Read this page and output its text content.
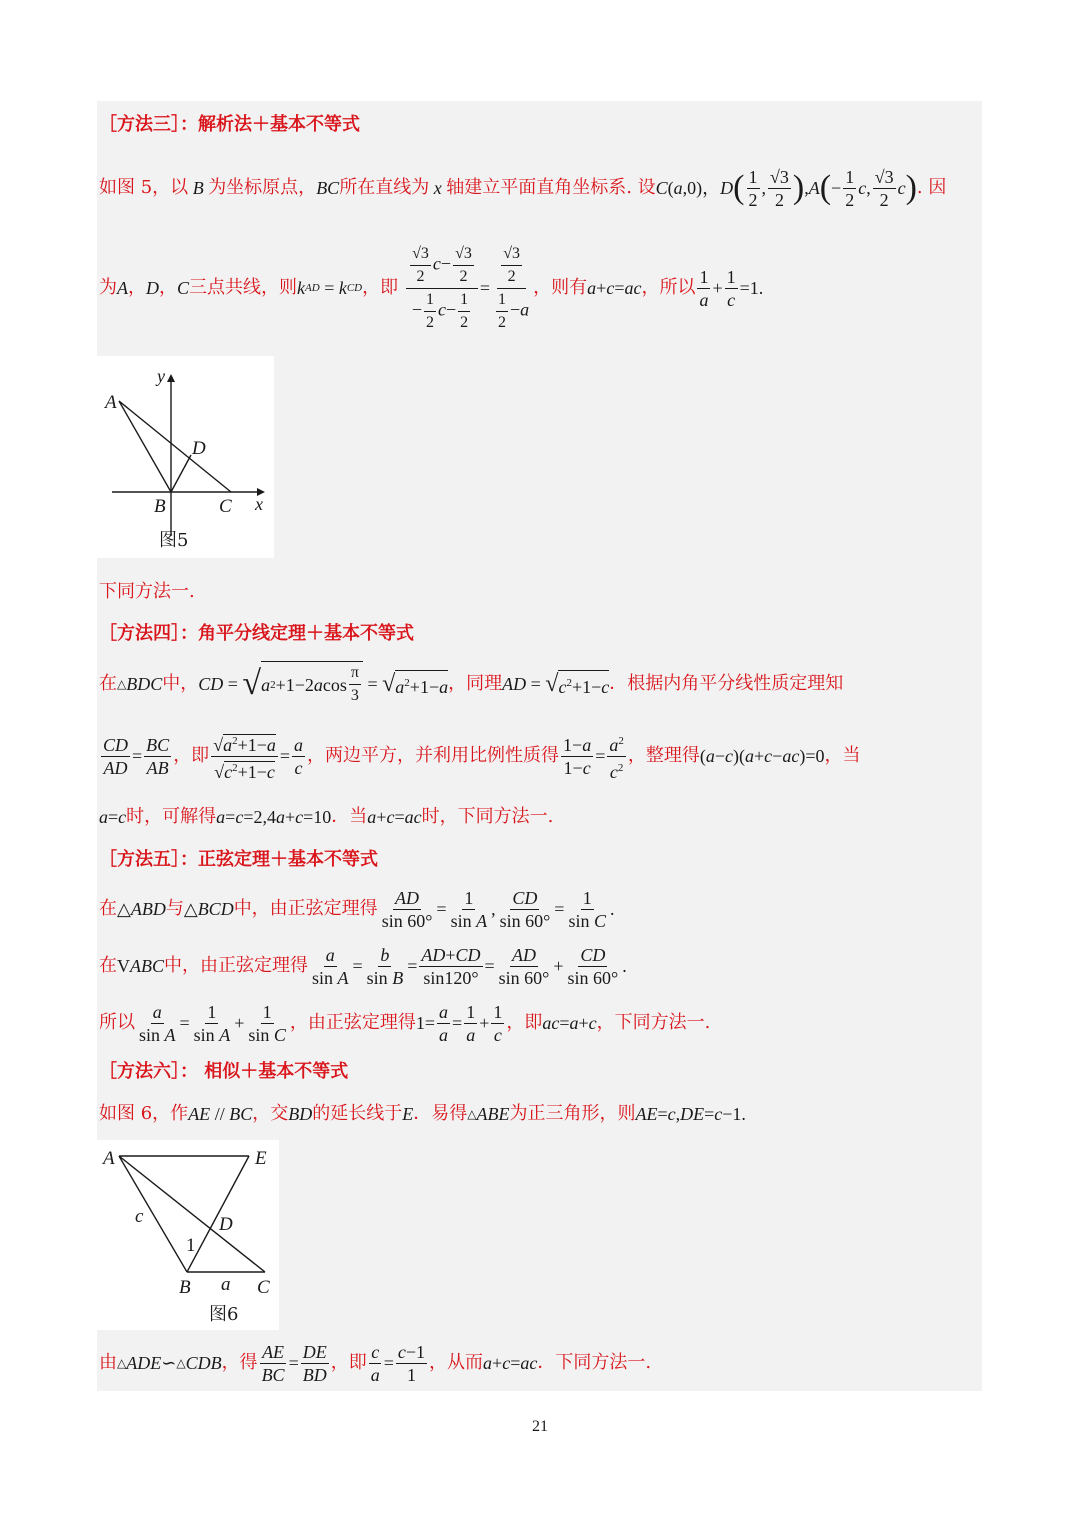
［方法三］：解析法＋基本不等式
如图 5，以 B 为坐标原点， BC 所在直线为 x 轴建立平面直角坐标系. 设 C ( a ,0)， D ( $\frac{1}{2}$ , $\frac{√3}{2}$ ) , A ( − $\frac{1}{2}$ c , $\frac{√3}{2}$ c ) . 因
为 A ， D ， C 三点共线，则 k AD = k CD ，即 $\frac{\frac{√3}{2} c- \frac{√3}{2}}{- \frac{1}{2} c- \frac{1}{2}} = \frac{\frac{√3}{2}}{\frac{1}{2} -a}$ ，则有 a + c = ac ，所以 $\frac{1}{a} + \frac{1}{c} =1$.
A
D
B	C x
y
图5
下同方法一.
［方法四］：角平分线定理＋基本不等式
在 △ BDC 中， CD = √ a 2 +1−2 a $\cos \frac{\pi}{3}$ = √ $a^2+1-a$ ，同理 AD = √ $c^2+1-c$ ．根据内角平分线性质定理知
$\frac{CD}{AD} = \frac{BC}{AB}$ ，即 $\frac{√a^2+1-a}{√c^2+1-c} = \frac{a}{c}$ ，两边平方，并利用比例性质得 $\frac{1-a}{1-c} = \frac{a^2}{c^2}$ ，整理得 (a−c)(a+c−ac)=0 ，当
a = c 时，可解得 a = c =2,4 a + c =10 ．当 a + c = ac 时，下同方法一.
［方法五］：正弦定理＋基本不等式
在 △ ABD 与 △ BCD 中，由正弦定理得 $\frac{AD}{\sin 60^\circ} = \frac{1}{\text{sin A}}$ , $\frac{CD}{\sin 60^\circ} = \frac{1}{\text{sin C}}$ .
在 V ABC 中，由正弦定理得 $\frac{a}{\text{sin A}} = \frac{b}{\text{sin B}} = \frac{AD+CD}{\sin 120^\circ} = \frac{AD}{\sin 60^\circ} + \frac{CD}{\sin 60^\circ}$ .
所以 $\frac{a}{\text{sin A}} = \frac{1}{\text{sin A}} + \frac{1}{\text{sin C}}$ ，由正弦定理得 $1= \frac{a}{a} = \frac{1}{a} + \frac{1}{c}$ ，即 ac = a + c ，下同方法一.
［方法六］： 相似＋基本不等式
如图 6，作 AE // BC ，交 BD 的延长线于 E ．易得 △ ABE 为正三角形，则 AE = c , DE = c −1.
A	E
D
c
1
B a C
图6
由 △ ADE ∽ △ CDB ，得 $\frac{AE}{BC} = \frac{DE}{BD}$ ，即 $\frac{c}{a} = \frac{c-1}{1}$ ，从而 a + c = ac ．下同方法一.
21
